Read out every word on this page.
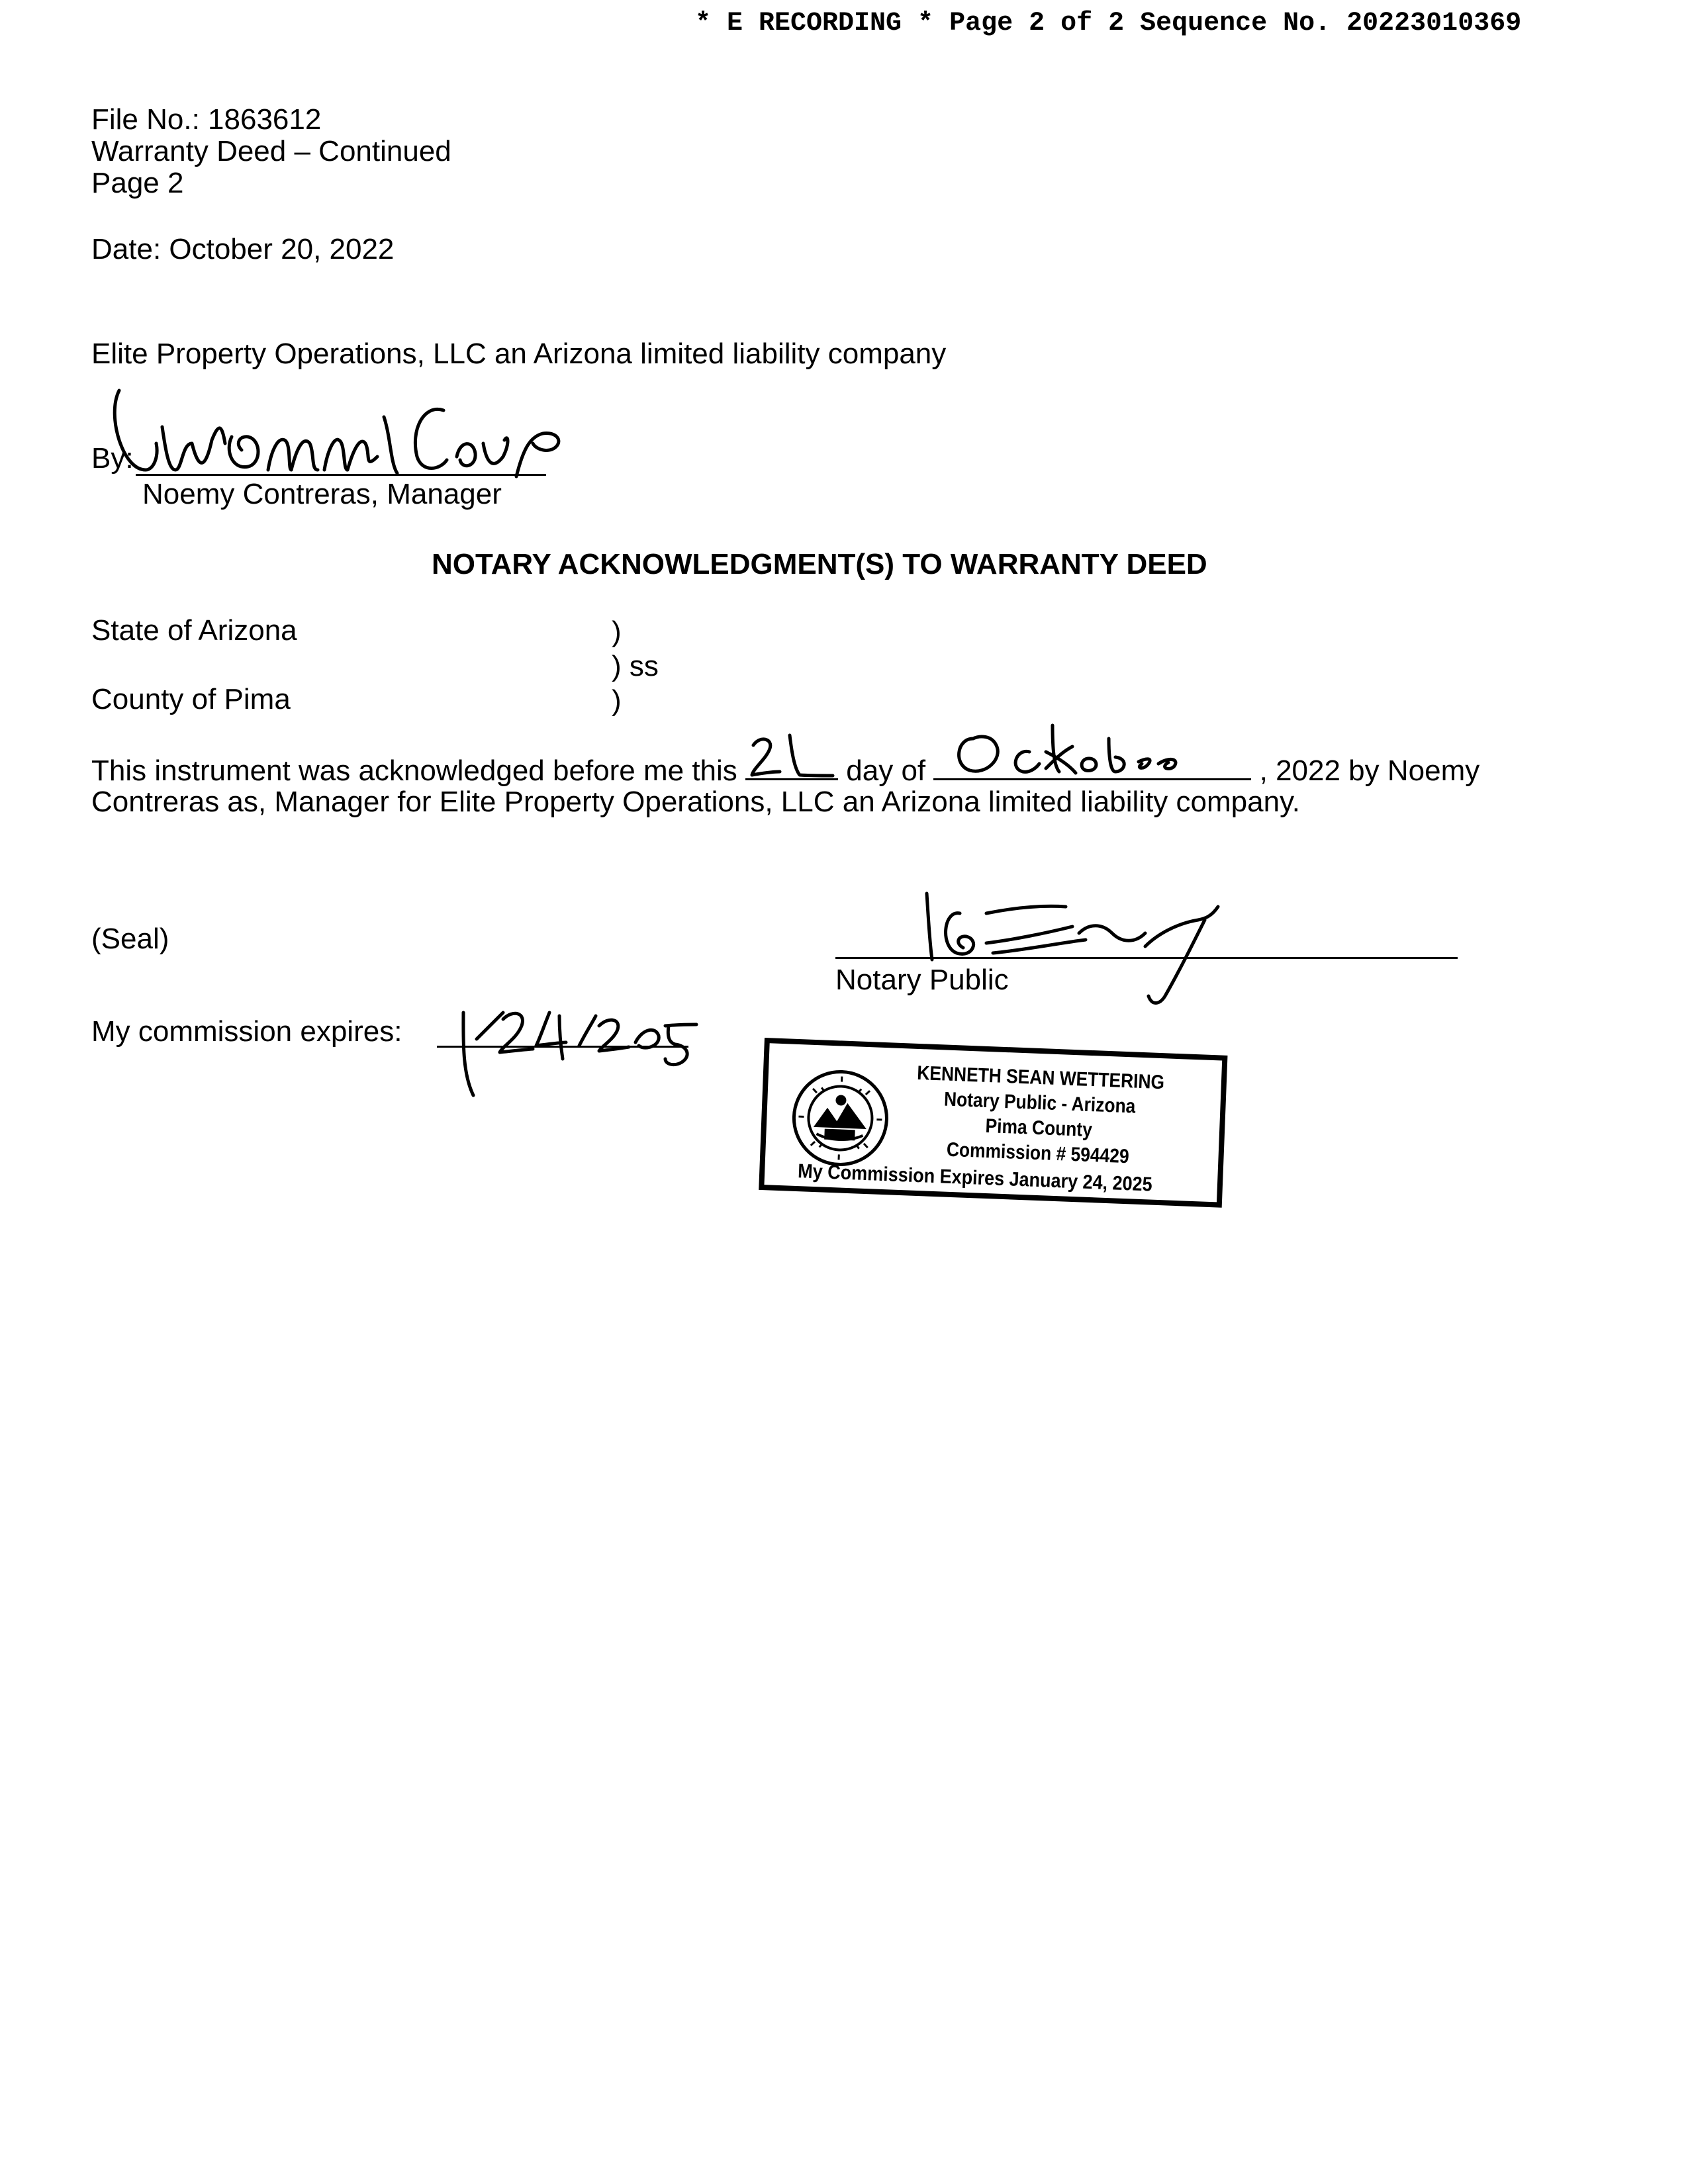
* E RECORDING * Page 2 of 2 Sequence No. 20223010369
File No.: 1863612
Warranty Deed – Continued
Page 2
Date: October 20, 2022
Elite Property Operations, LLC an Arizona limited liability company
By:
Noemy Contreras, Manager
NOTARY ACKNOWLEDGMENT(S) TO WARRANTY DEED
State of Arizona	)
) ss
County of Pima	)
This instrument was acknowledged before me this	day of	, 2022 by Noemy
Contreras as, Manager for Elite Property Operations, LLC an Arizona limited liability company.
(Seal)
Notary Public
My commission expires:
KENNETH SEAN WETTERING
Notary Public - Arizona
Pima County
Commission # 594429
My Commission Expires January 24, 2025
